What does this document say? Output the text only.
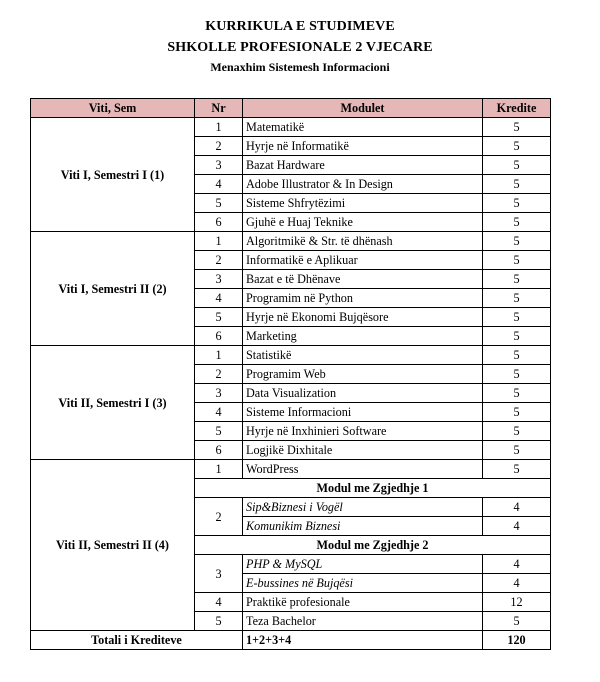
KURRIKULA E STUDIMEVE
SHKOLLE PROFESIONALE 2 VJECARE
Menaxhim Sistemesh Informacioni
Viti, Sem	Nr	Modulet	Kredite
Viti I, Semestri I (1)	1	Matematikë	5
	2	Hyrje në Informatikë	5
	3	Bazat Hardware	5
	4	Adobe Illustrator & In Design	5
	5	Sisteme Shfrytëzimi	5
	6	Gjuhë e Huaj Teknike	5
Viti I, Semestri II (2)	1	Algoritmikë & Str. të dhënash	5
	2	Informatikë e Aplikuar	5
	3	Bazat e të Dhënave	5
	4	Programim në Python	5
	5	Hyrje në Ekonomi Bujqësore	5
	6	Marketing	5
Viti II, Semestri I (3)	1	Statistikë	5
	2	Programim Web	5
	3	Data Visualization	5
	4	Sisteme Informacioni	5
	5	Hyrje në Inxhinieri Software	5
	6	Logjikë Dixhitale	5
Viti II, Semestri II (4)	1	WordPress	5
	Modul me Zgjedhje 1		
	2	Sip&Biznesi i Vogël	4
		Komunikim Biznesi	4
	Modul me Zgjedhje 2		
	3	PHP & MySQL	4
		E-bussines në Bujqësi	4
	4	Praktikë profesionale	12
	5	Teza Bachelor	5
Totali i Krediteve		1+2+3+4	120
